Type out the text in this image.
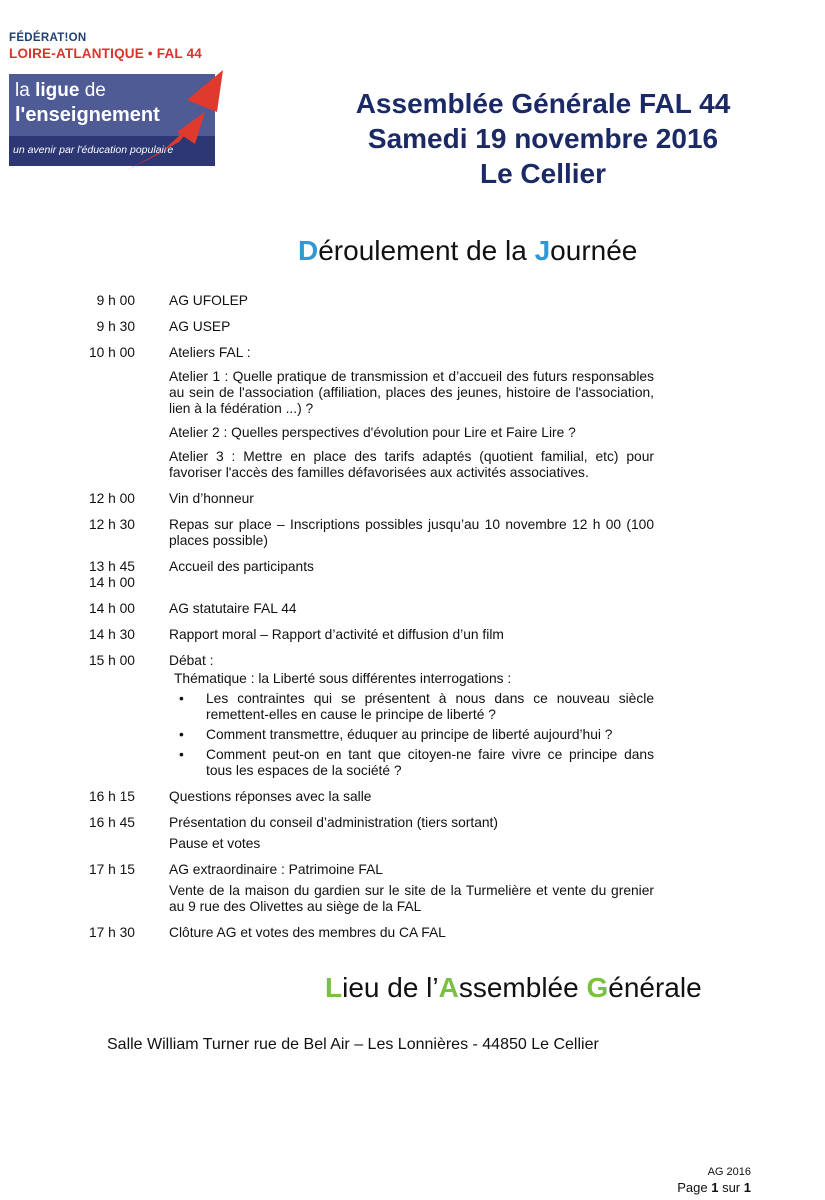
FÉDÉRAT!ON
LOIRE-ATLANTIQUE • FAL 44
la ligue de
l'enseignement
un avenir par l'éducation populaire
Assemblée Générale FAL 44
Samedi 19 novembre 2016
Le Cellier
Déroulement de la Journée
9 h 00 AG UFOLEP

9 h 30 AG USEP

10 h 00 Ateliers FAL :

Atelier 1 : Quelle pratique de transmission et d’accueil des futurs responsables au sein de l'association (affiliation, places des jeunes, histoire de l'association, lien à la fédération ...) ?

Atelier 2 : Quelles perspectives d'évolution pour Lire et Faire Lire ?

Atelier 3 : Mettre en place des tarifs adaptés (quotient familial, etc) pour favoriser l'accès des familles défavorisées aux activités associatives.

12 h 00 Vin d’honneur

12 h 30 Repas sur place – Inscriptions possibles jusqu’au 10 novembre 12 h 00 (100 places possible)

13 h 45
14 h 00

Accueil des participants

14 h 00 AG statutaire FAL 44

14 h 30 Rapport moral – Rapport d’activité et diffusion d’un film

15 h 00 Débat :

Thématique : la Liberté sous différentes interrogations :

• Les contraintes qui se présentent à nous dans ce nouveau siècle remettent-elles en cause le principe de liberté ?
• Comment transmettre, éduquer au principe de liberté aujourd’hui ?
• Comment peut-on en tant que citoyen-ne faire vivre ce principe dans tous les espaces de la société ?
16 h 15 Questions réponses avec la salle

16 h 45 Présentation du conseil d’administration (tiers sortant)

Pause et votes

17 h 15 AG extraordinaire : Patrimoine FAL

Vente de la maison du gardien sur le site de la Turmelière et vente du grenier au 9 rue des Olivettes au siège de la FAL

17 h 30 Clôture AG et votes des membres du CA FAL

Lieu de l’Assemblée Générale
Salle William Turner rue de Bel Air – Les Lonnières - 44850 Le Cellier
AG 2016
Page 1 sur 1
